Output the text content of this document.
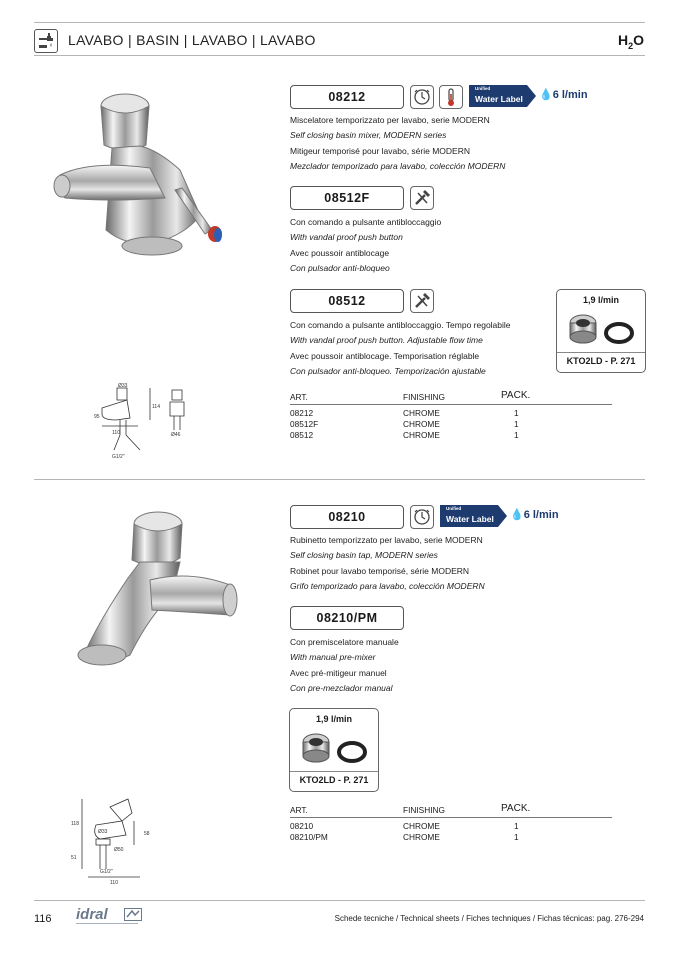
LAVABO | BASIN | LAVABO | LAVABO	$H_2O$
Ø33
114
95
110	Ø46
G1/2"
08212
Unified
Water Label 💧6 l/min
Miscelatore temporizzato per lavabo, serie MODERN
Self closing basin mixer, MODERN series
Mitigeur temporisé pour lavabo, série MODERN
Mezclador temporizado para lavabo, colección MODERN
08512F
Con comando a pulsante antibloccaggio
With vandal proof push button
Avec poussoir antiblocage
Con pulsador anti-bloqueo
08512
Con comando a pulsante antibloccaggio. Tempo regolabile
With vandal proof push button. Adjustable flow time
Avec poussoir antiblocage. Temporisation réglable
Con pulsador anti-bloqueo. Temporización ajustable
1,9 l/min
KTO2LD - P. 271
ART.	FINISHING	PACK.
08212	CHROME	1
08512F	CHROME	1
08512	CHROME	1
118
Ø33	58
Ø50
51
G1/2"
110
08210
Unified
Water Label 💧6 l/min
Rubinetto temporizzato per lavabo, serie MODERN
Self closing basin tap, MODERN series
Robinet pour lavabo temporisé, série MODERN
Grifo temporizado para lavabo, colección MODERN
08210/PM
Con premiscelatore manuale
With manual pre-mixer
Avec pré-mitigeur manuel
Con pre-mezclador manual
1,9 l/min
KTO2LD - P. 271
ART.	FINISHING	PACK.
08210	CHROME	1
08210/PM	CHROME	1
116 idral	Schede tecniche / Technical sheets / Fiches techniques / Fichas técnicas: pag. 276-294
